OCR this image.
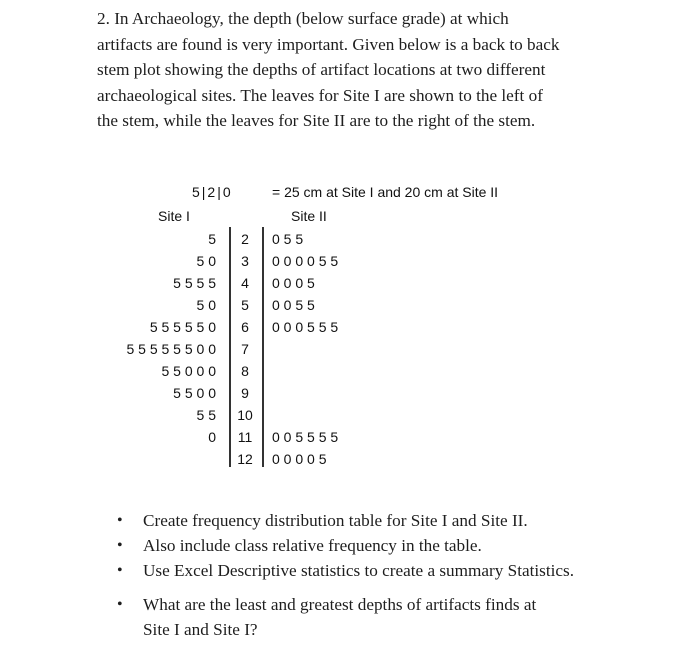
2. In Archaeology, the depth (below surface grade) at which

artifacts are found is very important. Given below is a back to back

stem plot showing the depths of artifact locations at two different

archaeological sites. The leaves for Site I are shown to the left of

the stem, while the leaves for Site II are to the right of the stem.

5|2|0	= 25 cm at Site I and 20 cm at Site II
Site I	Site II
5	2	0 5 5
5 0	3	0 0 0 0 5 5
5 5 5 5	4	0 0 0 5
5 0	5	0 0 5 5
5 5 5 5 5 0	6	0 0 0 5 5 5
5 5 5 5 5 5 0 0	7
5 5 0 0 0	8
5 5 0 0	9
5 5	10
0	11	0 0 5 5 5 5
12	0 0 0 0 5
• Create frequency distribution table for Site I and Site II.
• Also include class relative frequency in the table.
• Use Excel Descriptive statistics to create a summary Statistics.
• What are the least and greatest depths of artifacts finds at
Site I and Site I?
